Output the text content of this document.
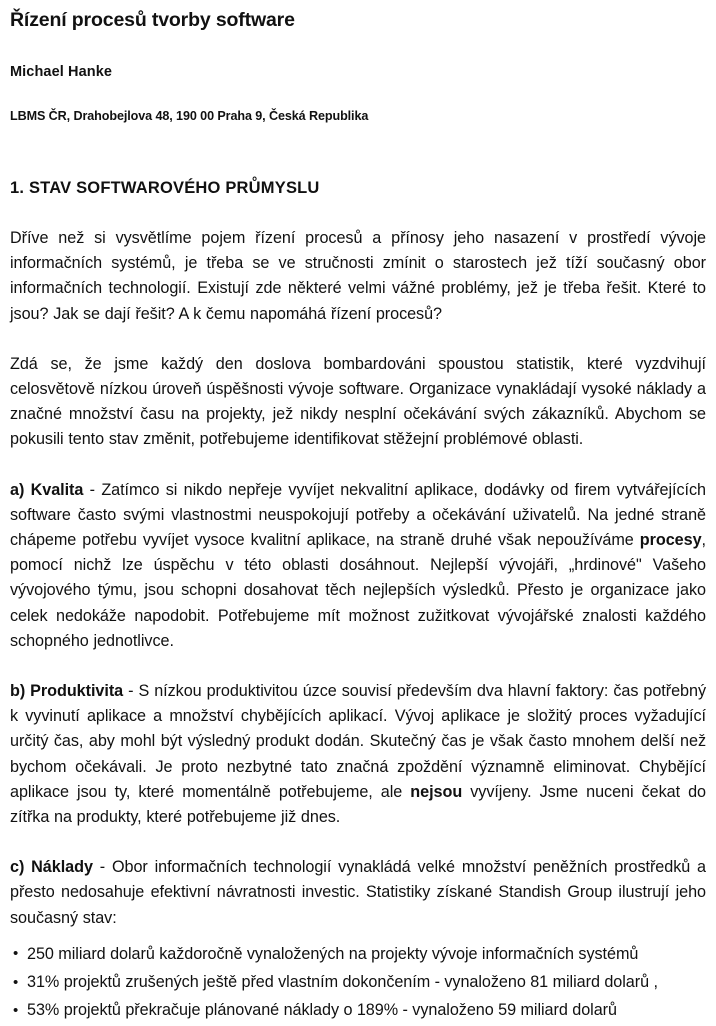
Řízení procesů tvorby software
Michael Hanke
LBMS ČR, Drahobejlova 48, 190 00 Praha 9, Česká Republika
1. STAV SOFTWAROVÉHO PRŮMYSLU

Dříve než si vysvětlíme pojem řízení procesů a přínosy jeho nasazení v prostředí vývoje informačních systémů, je třeba se ve stručnosti zmínit o starostech jež tíží současný obor informačních technologií. Existují zde některé velmi vážné problémy, jež je třeba řešit. Které to jsou? Jak se dají řešit? A k čemu napomáhá řízení procesů?

Zdá se, že jsme každý den doslova bombardováni spoustou statistik, které vyzdvihují celosvětově nízkou úroveň úspěšnosti vývoje software. Organizace vynakládají vysoké náklady a značné množství času na projekty, jež nikdy nesplní očekávání svých zákazníků. Abychom se pokusili tento stav změnit, potřebujeme identifikovat stěžejní problémové oblasti.

a) Kvalita - Zatímco si nikdo nepřeje vyvíjet nekvalitní aplikace, dodávky od firem vytvářejících software často svými vlastnostmi neuspokojují potřeby a očekávání uživatelů. Na jedné straně chápeme potřebu vyvíjet vysoce kvalitní aplikace, na straně druhé však nepoužíváme procesy, pomocí nichž lze úspěchu v této oblasti dosáhnout. Nejlepší vývojáři, „hrdinové" Vašeho vývojového týmu, jsou schopni dosahovat těch nejlepších výsledků. Přesto je organizace jako celek nedokáže napodobit. Potřebujeme mít možnost zužitkovat vývojářské znalosti každého schopného jednotlivce.

b) Produktivita - S nízkou produktivitou úzce souvisí především dva hlavní faktory: čas potřebný k vyvinutí aplikace a množství chybějících aplikací. Vývoj aplikace je složitý proces vyžadující určitý čas, aby mohl být výsledný produkt dodán. Skutečný čas je však často mnohem delší než bychom očekávali. Je proto nezbytné tato značná zpoždění významně eliminovat. Chybějící aplikace jsou ty, které momentálně potřebujeme, ale nejsou vyvíjeny. Jsme nuceni čekat do zítřka na produkty, které potřebujeme již dnes.

c) Náklady - Obor informačních technologií vynakládá velké množství peněžních prostředků a přesto nedosahuje efektivní návratnosti investic. Statistiky získané Standish Group ilustrují jeho současný stav:

• 250 miliard dolarů každoročně vynaložených na projekty vývoje informačních systémů
• 31% projektů zrušených ještě před vlastním dokončením - vynaloženo 81 miliard dolarů ,
• 53% projektů překračuje plánované náklady o 189% - vynaloženo 59 miliard dolarů
